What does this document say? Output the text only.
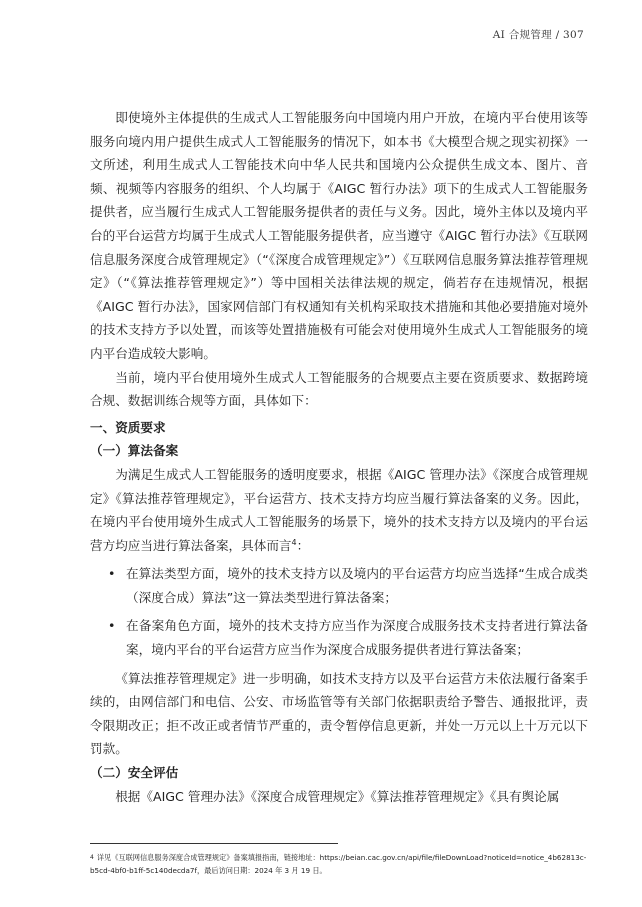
AI 合规管理 / 307

即使境外主体提供的生成式人工智能服务向中国境内用户开放，在境内平台使用该等服务向境内用户提供生成式人工智能服务的情况下，如本书《大模型合规之现实初探》一文所述，利用生成式人工智能技术向中华人民共和国境内公众提供生成文本、图片、音频、视频等内容服务的组织、个人均属于《AIGC 暂行办法》项下的生成式人工智能服务提供者，应当履行生成式人工智能服务提供者的责任与义务。因此，境外主体以及境内平台的平台运营方均属于生成式人工智能服务提供者，应当遵守《AIGC 暂行办法》《互联网信息服务深度合成管理规定》（“《深度合成管理规定》”）《互联网信息服务算法推荐管理规定》（“《算法推荐管理规定》”）等中国相关法律法规的规定，倘若存在违规情况，根据《AIGC 暂行办法》，国家网信部门有权通知有关机构采取技术措施和其他必要措施对境外的技术支持方予以处置，而该等处置措施极有可能会对使用境外生成式人工智能服务的境内平台造成较大影响。

当前，境内平台使用境外生成式人工智能服务的合规要点主要在资质要求、数据跨境合规、数据训练合规等方面，具体如下：

一、资质要求
（一）算法备案

为满足生成式人工智能服务的透明度要求，根据《AIGC 管理办法》《深度合成管理规定》《算法推荐管理规定》，平台运营方、技术支持方均应当履行算法备案的义务。因此，在境内平台使用境外生成式人工智能服务的场景下，境外的技术支持方以及境内的平台运营方均应当进行算法备案，具体而言$^4$：

• 在算法类型方面，境外的技术支持方以及境内的平台运营方均应当选择“生成合成类（深度合成）算法”这一算法类型进行算法备案；
• 在备案角色方面，境外的技术支持方应当作为深度合成服务技术支持者进行算法备案，境内平台的平台运营方应当作为深度合成服务提供者进行算法备案；

《算法推荐管理规定》进一步明确，如技术支持方以及平台运营方未依法履行备案手续的，由网信部门和电信、公安、市场监管等有关部门依据职责给予警告、通报批评，责令限期改正；拒不改正或者情节严重的，责令暂停信息更新，并处一万元以上十万元以下罚款。

（二）安全评估

根据《AIGC 管理办法》《深度合成管理规定》《算法推荐管理规定》《具有舆论属

$^4$ 详见《互联网信息服务深度合成管理规定》备案填报指南，链接地址：https://beian.cac.gov.cn/api/file/fileDownLoad?noticeId=notice_4b62813c-b5cd-4bf0-b1ff-5c140decda7f，最后访问日期：2024 年 3 月 19 日。
